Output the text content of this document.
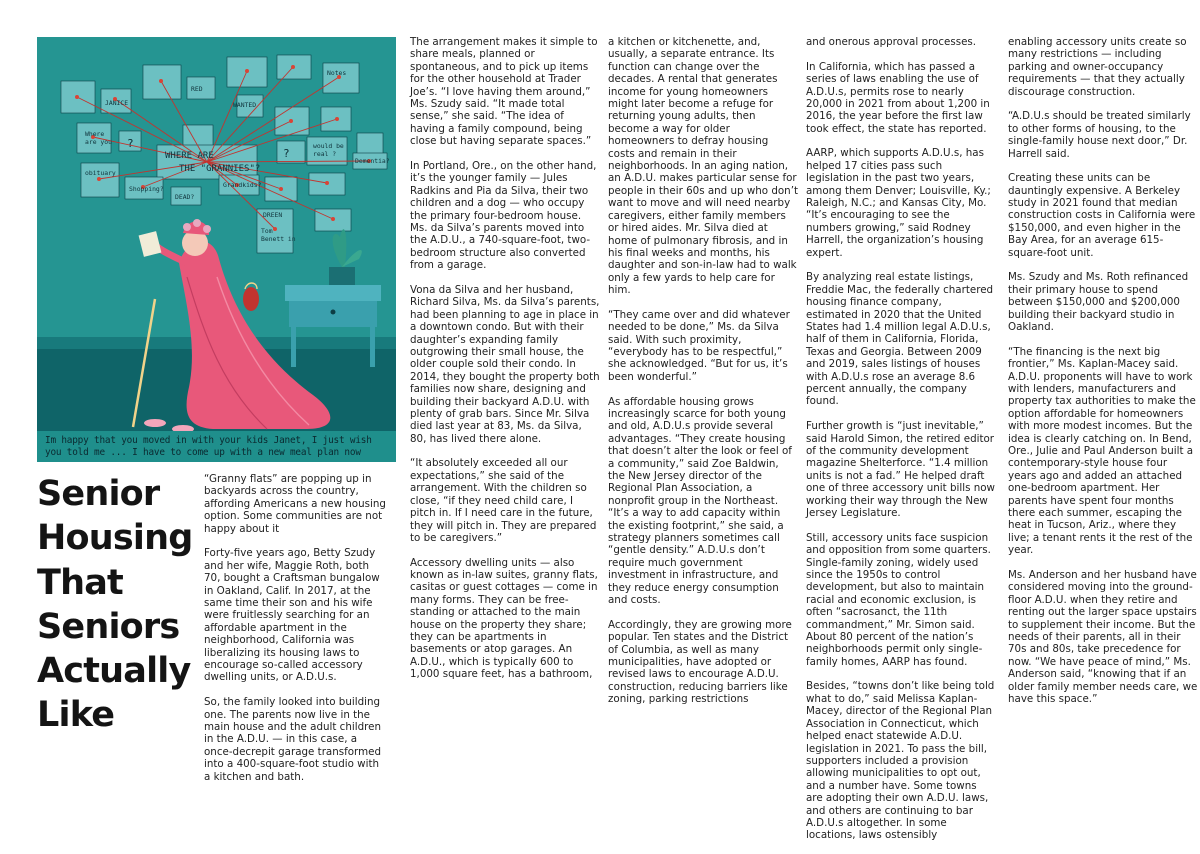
WHERE ARE
THE "GRANNIES"?
JANICE
RED
WANTED
DREEN
Where
are you	would be
real ?
Shopping?
DEAD?
Grandkids?
obituary
Dementia?
Notes
Tom
Benett in
?
?
Im happy that you moved in with your kids Janet, I just wish you told me ... I have to come up with a new meal plan now
Senior
Housing
That
Seniors
Actually
Like

“Granny flats” are popping up in backyards across the country, affording Americans a new housing option. Some communities are not happy about it

Forty-five years ago, Betty Szudy and her wife, Maggie Roth, both 70, bought a Craftsman bungalow in Oakland, Calif. In 2017, at the same time their son and his wife were fruitlessly searching for an affordable apartment in the neighborhood, California was liberalizing its housing laws to encourage so-called accessory dwelling units, or A.D.U.s.

So, the family looked into building one. The parents now live in the main house and the adult children in the A.D.U. — in this case, a once-decrepit garage transformed into a 400-square-foot studio with a kitchen and bath.

The arrangement makes it simple to share meals, planned or spontaneous, and to pick up items for the other household at Trader Joe’s. “I love having them around,” Ms. Szudy said. “It made total sense,” she said. “The idea of having a family compound, being close but having separate spaces.”

In Portland, Ore., on the other hand, it’s the younger family — Jules Radkins and Pia da Silva, their two children and a dog — who occupy the primary four-bedroom house. Ms. da Silva’s parents moved into the A.D.U., a 740-square-foot, two-bedroom structure also converted from a garage.

Vona da Silva and her husband, Richard Silva, Ms. da Silva’s parents, had been planning to age in place in a downtown condo. But with their daughter’s expanding family outgrowing their small house, the older couple sold their condo. In 2014, they bought the property both families now share, designing and building their backyard A.D.U. with plenty of grab bars. Since Mr. Silva died last year at 83, Ms. da Silva, 80, has lived there alone.

“It absolutely exceeded all our expectations,” she said of the arrangement. With the children so close, “if they need child care, I pitch in. If I need care in the future, they will pitch in. They are prepared to be caregivers.”

Accessory dwelling units — also known as in-law suites, granny flats, casitas or guest cottages — come in many forms. They can be free-standing or attached to the main house on the property they share; they can be apartments in basements or atop garages. An A.D.U., which is typically 600 to 1,000 square feet, has a bathroom,

a kitchen or kitchenette, and, usually, a separate entrance. Its function can change over the decades. A rental that generates income for young homeowners might later become a refuge for returning young adults, then become a way for older homeowners to defray housing costs and remain in their neighborhoods. In an aging nation, an A.D.U. makes particular sense for people in their 60s and up who don’t want to move and will need nearby caregivers, either family members or hired aides. Mr. Silva died at home of pulmonary fibrosis, and in his final weeks and months, his daughter and son-in-law had to walk only a few yards to help care for him.

“They came over and did whatever needed to be done,” Ms. da Silva said. With such proximity, “everybody has to be respectful,” she acknowledged. “But for us, it’s been wonderful.”

As affordable housing grows increasingly scarce for both young and old, A.D.U.s provide several advantages. “They create housing that doesn’t alter the look or feel of a community,” said Zoe Baldwin, the New Jersey director of the Regional Plan Association, a nonprofit group in the Northeast. “It’s a way to add capacity within the existing footprint,” she said, a strategy planners sometimes call “gentle density.” A.D.U.s don’t require much government investment in infrastructure, and they reduce energy consumption and costs.

Accordingly, they are growing more popular. Ten states and the District of Columbia, as well as many municipalities, have adopted or revised laws to encourage A.D.U. construction, reducing barriers like zoning, parking restrictions

and onerous approval processes.

In California, which has passed a series of laws enabling the use of A.D.U.s, permits rose to nearly 20,000 in 2021 from about 1,200 in 2016, the year before the first law took effect, the state has reported.

AARP, which supports A.D.U.s, has helped 17 cities pass such legislation in the past two years, among them Denver; Louisville, Ky.; Raleigh, N.C.; and Kansas City, Mo. “It’s encouraging to see the numbers growing,” said Rodney Harrell, the organization’s housing expert.

By analyzing real estate listings, Freddie Mac, the federally chartered housing finance company, estimated in 2020 that the United States had 1.4 million legal A.D.U.s, half of them in California, Florida, Texas and Georgia. Between 2009 and 2019, sales listings of houses with A.D.U.s rose an average 8.6 percent annually, the company found.

Further growth is “just inevitable,” said Harold Simon, the retired editor of the community development magazine Shelterforce. “1.4 million units is not a fad.” He helped draft one of three accessory unit bills now working their way through the New Jersey Legislature.

Still, accessory units face suspicion and opposition from some quarters. Single-family zoning, widely used since the 1950s to control development, but also to maintain racial and economic exclusion, is often “sacrosanct, the 11th commandment,” Mr. Simon said. About 80 percent of the nation’s neighborhoods permit only single-family homes, AARP has found.

Besides, “towns don’t like being told what to do,” said Melissa Kaplan-Macey, director of the Regional Plan Association in Connecticut, which helped enact statewide A.D.U. legislation in 2021. To pass the bill, supporters included a provision allowing municipalities to opt out, and a number have. Some towns are adopting their own A.D.U. laws, and others are continuing to bar A.D.U.s altogether. In some locations, laws ostensibly

enabling accessory units create so many restrictions — including parking and owner-occupancy requirements — that they actually discourage construction.

“A.D.U.s should be treated similarly to other forms of housing, to the single-family house next door,” Dr. Harrell said.

Creating these units can be dauntingly expensive. A Berkeley study in 2021 found that median construction costs in California were $150,000, and even higher in the Bay Area, for an average 615-square-foot unit.

Ms. Szudy and Ms. Roth refinanced their primary house to spend between $150,000 and $200,000 building their backyard studio in Oakland.

“The financing is the next big frontier,” Ms. Kaplan-Macey said. A.D.U. proponents will have to work with lenders, manufacturers and property tax authorities to make the option affordable for homeowners with more modest incomes. But the idea is clearly catching on. In Bend, Ore., Julie and Paul Anderson built a contemporary-style house four years ago and added an attached one-bedroom apartment. Her parents have spent four months there each summer, escaping the heat in Tucson, Ariz., where they live; a tenant rents it the rest of the year.

Ms. Anderson and her husband have considered moving into the ground-floor A.D.U. when they retire and renting out the larger space upstairs to supplement their income. But the needs of their parents, all in their 70s and 80s, take precedence for now. “We have peace of mind,” Ms. Anderson said, “knowing that if an older family member needs care, we have this space.”
